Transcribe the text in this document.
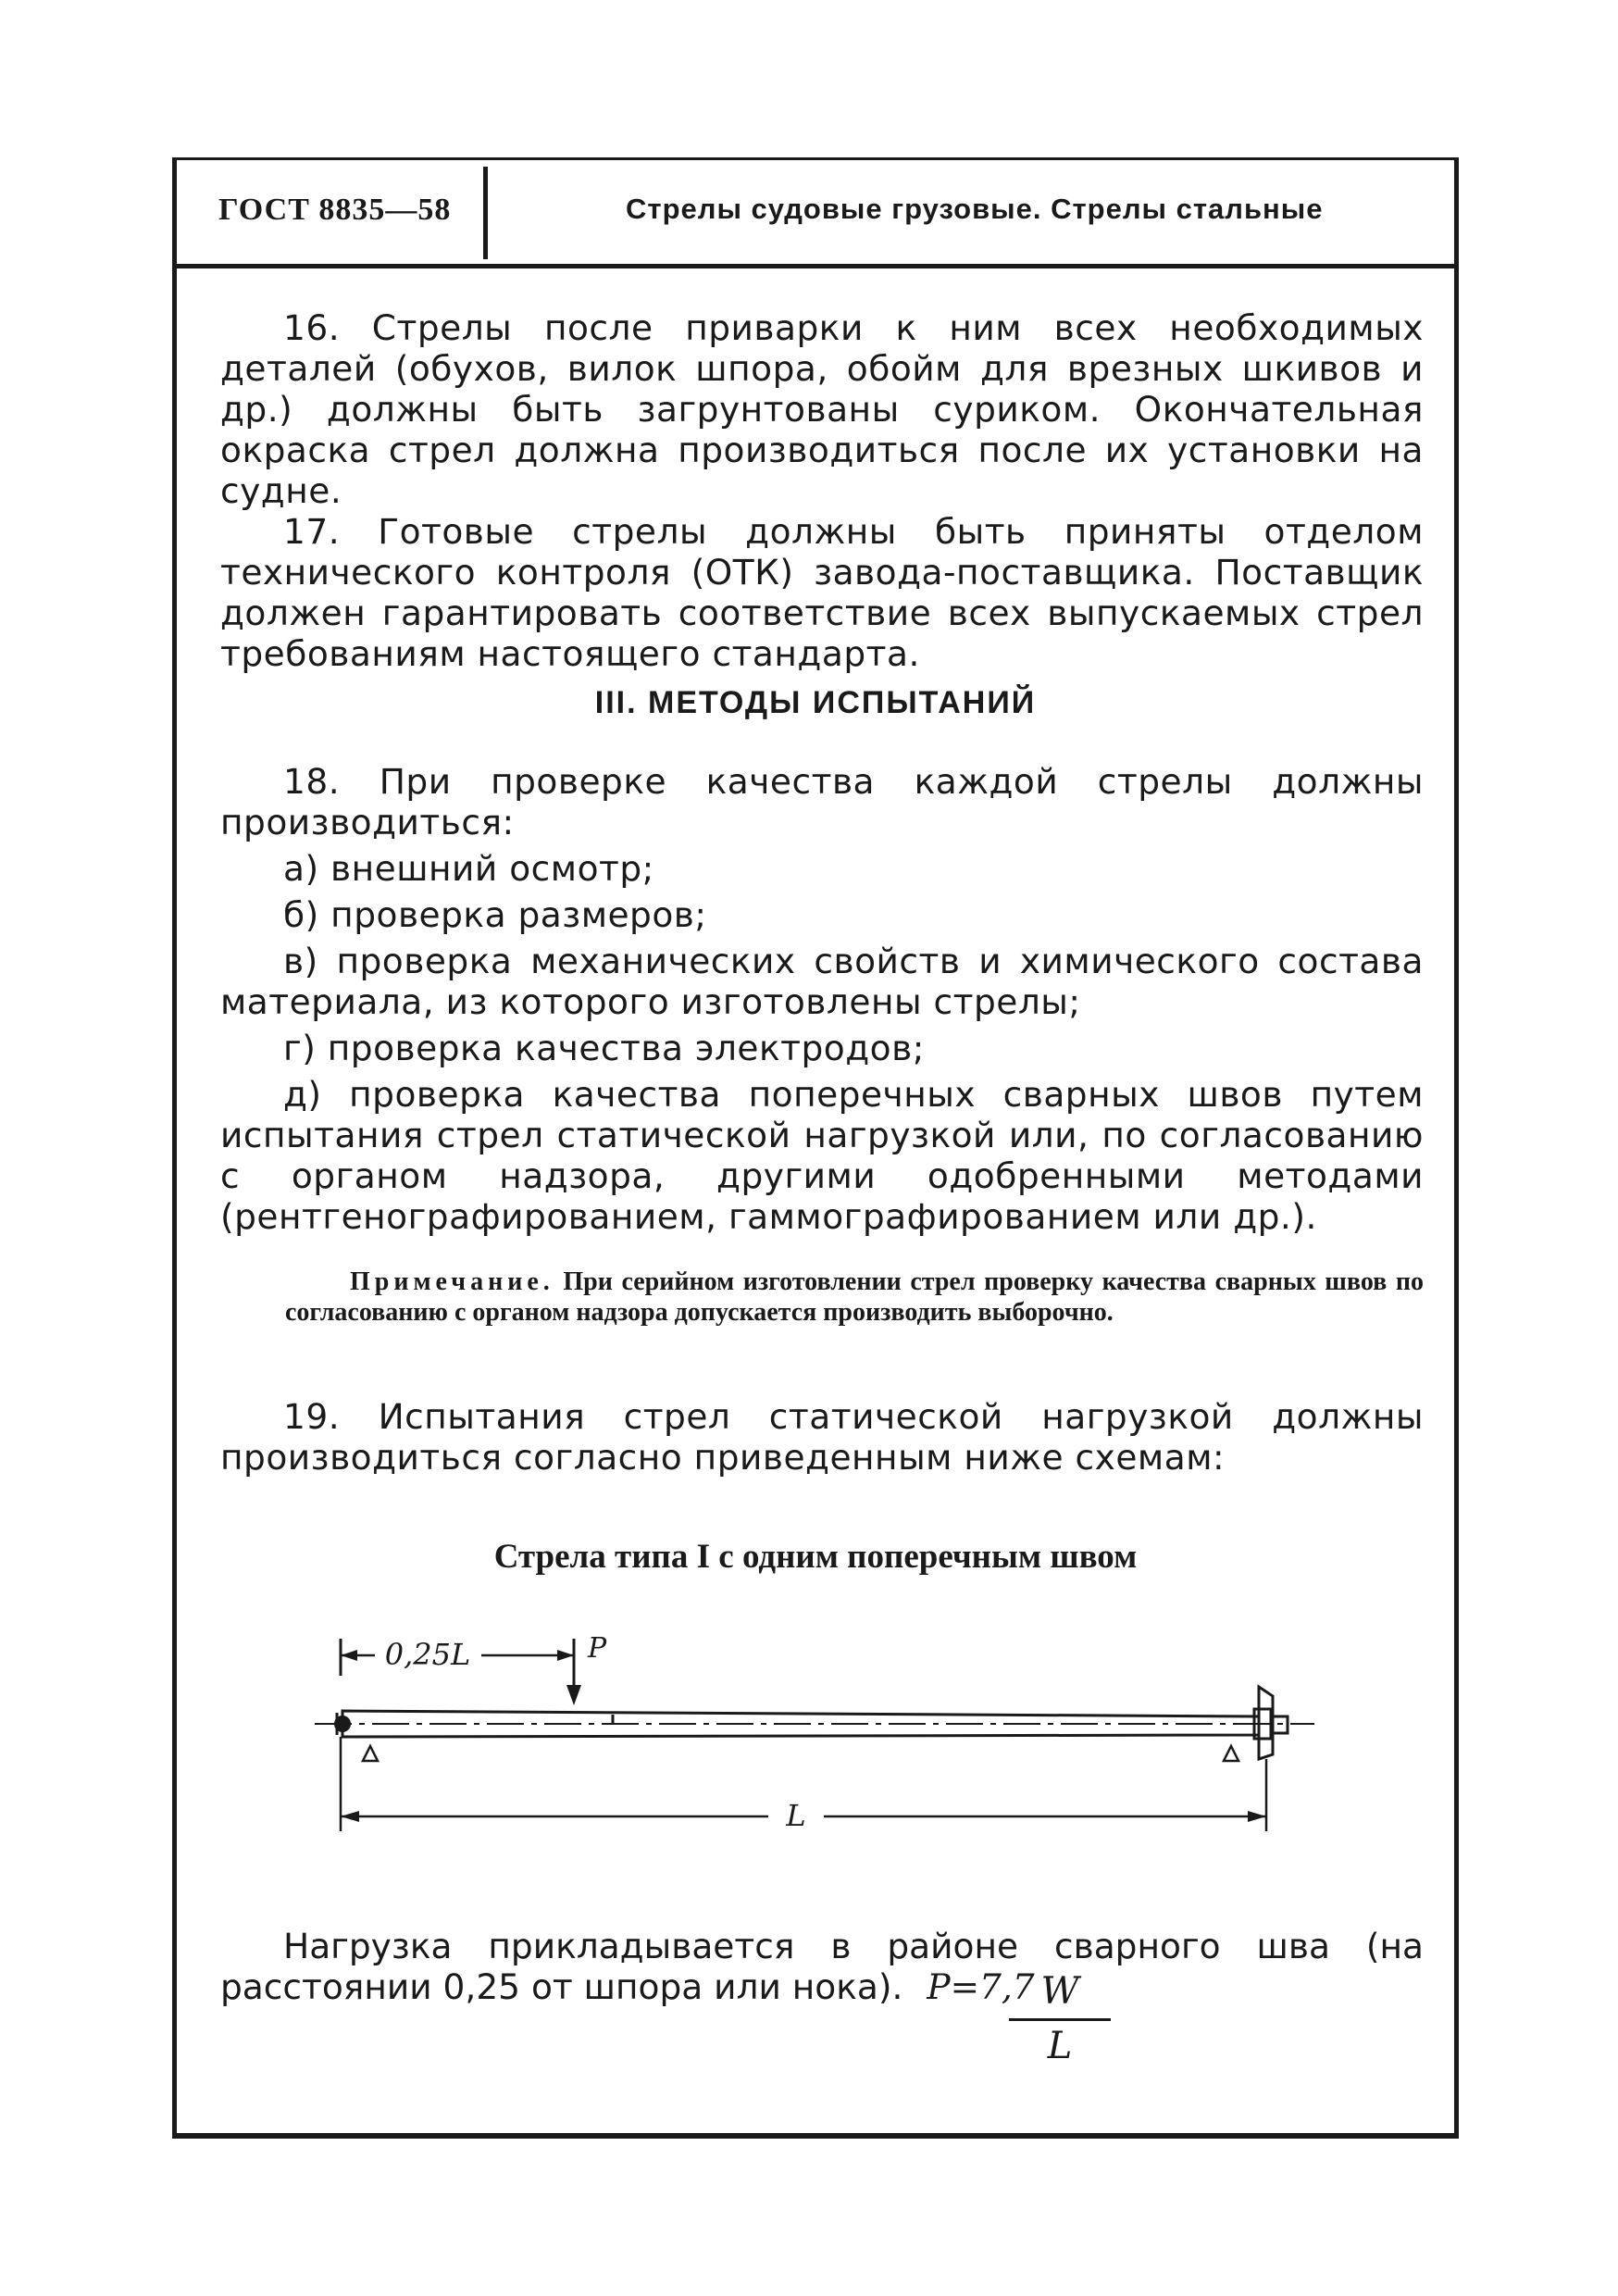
ГОСТ 8835—58	Стрелы судовые грузовые. Стрелы стальные

16. Стрелы после приварки к ним всех необходимых деталей (обухов, вилок шпора, обойм для врезных шкивов и др.) должны быть загрунтованы суриком. Окончательная окраска стрел должна производиться после их установки на судне.

17. Готовые стрелы должны быть приняты отделом технического контроля (ОТК) завода-поставщика. Поставщик должен гарантировать соответствие всех выпускаемых стрел требованиям настоящего стандарта.

III. МЕТОДЫ ИСПЫТАНИЙ

18. При проверке качества каждой стрелы должны производиться:

а) внешний осмотр;

б) проверка размеров;

в) проверка механических свойств и химического состава материала, из которого изготовлены стрелы;

г) проверка качества электродов;

д) проверка качества поперечных сварных швов путем испытания стрел статической нагрузкой или, по согласованию с органом надзора, другими одобренными методами (рентгенографированием, гаммографированием или др.).

Примечание. При серийном изготовлении стрел проверку качества сварных швов по согласованию с органом надзора допускается производить выборочно.

19. Испытания стрел статической нагрузкой должны производиться согласно приведенным ниже схемам:

Стрела типа I с одним поперечным швом
0,25L	P
L
Нагрузка прикладывается в районе сварного шва (на расстоянии 0,25 от шпора или нока). P=7,7 W
L
